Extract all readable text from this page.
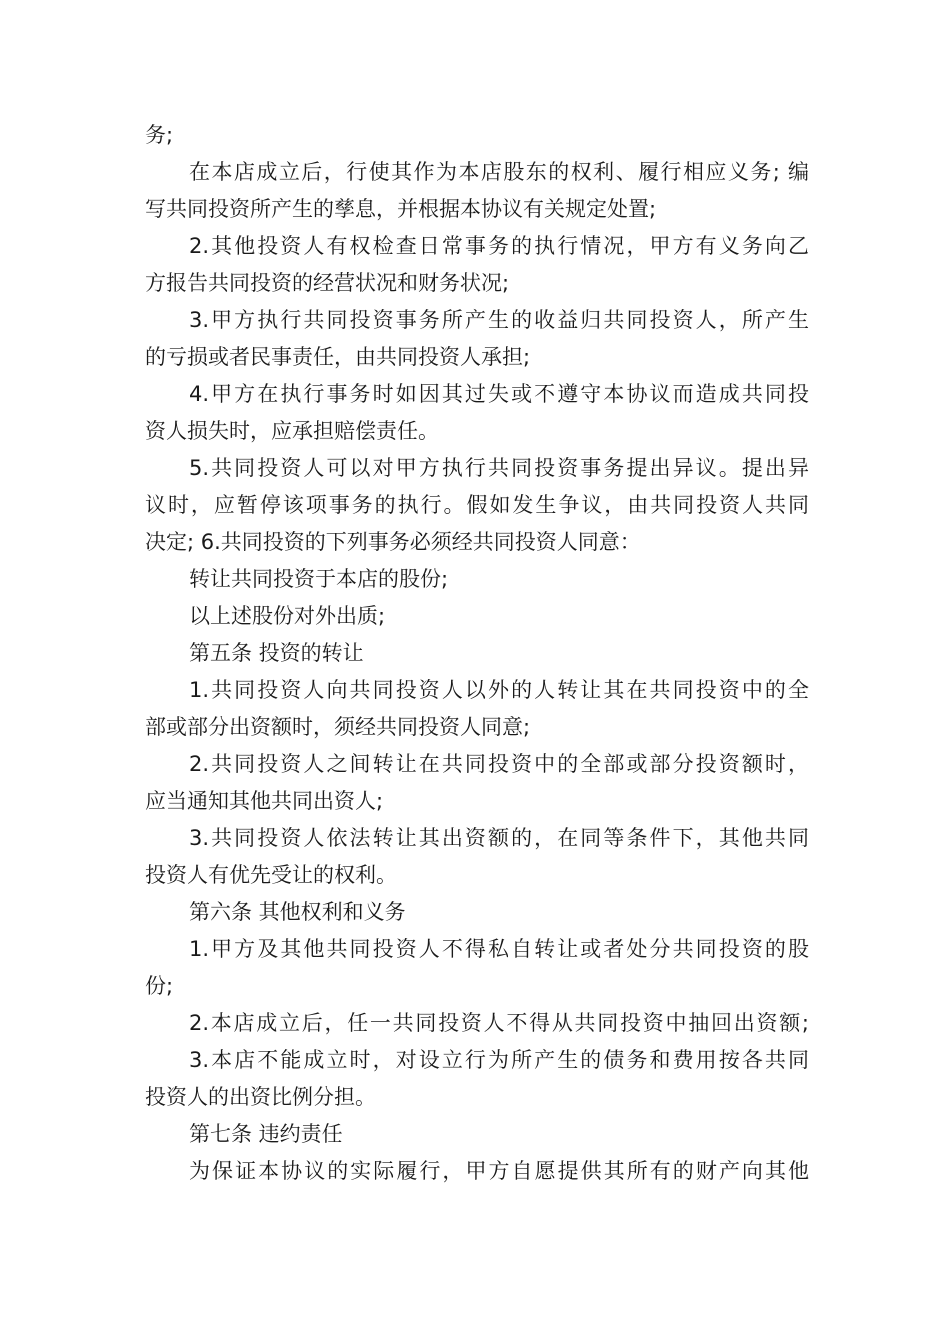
务;
在本店成立后，行使其作为本店股东的权利、履行相应义务; 编
写共同投资所产生的孳息，并根据本协议有关规定处置;
2.其他投资人有权检查日常事务的执行情况，甲方有义务向乙
方报告共同投资的经营状况和财务状况;
3.甲方执行共同投资事务所产生的收益归共同投资人，所产生
的亏损或者民事责任，由共同投资人承担;
4.甲方在执行事务时如因其过失或不遵守本协议而造成共同投
资人损失时，应承担赔偿责任。
5.共同投资人可以对甲方执行共同投资事务提出异议。提出异
议时，应暂停该项事务的执行。假如发生争议，由共同投资人共同
决定; 6.共同投资的下列事务必须经共同投资人同意：
转让共同投资于本店的股份;
以上述股份对外出质;
第五条 投资的转让
1.共同投资人向共同投资人以外的人转让其在共同投资中的全
部或部分出资额时，须经共同投资人同意;
2.共同投资人之间转让在共同投资中的全部或部分投资额时，
应当通知其他共同出资人;
3.共同投资人依法转让其出资额的，在同等条件下，其他共同
投资人有优先受让的权利。
第六条 其他权利和义务
1.甲方及其他共同投资人不得私自转让或者处分共同投资的股
份;
2.本店成立后，任一共同投资人不得从共同投资中抽回出资额;
3.本店不能成立时，对设立行为所产生的债务和费用按各共同
投资人的出资比例分担。
第七条 违约责任
为保证本协议的实际履行，甲方自愿提供其所有的财产向其他
